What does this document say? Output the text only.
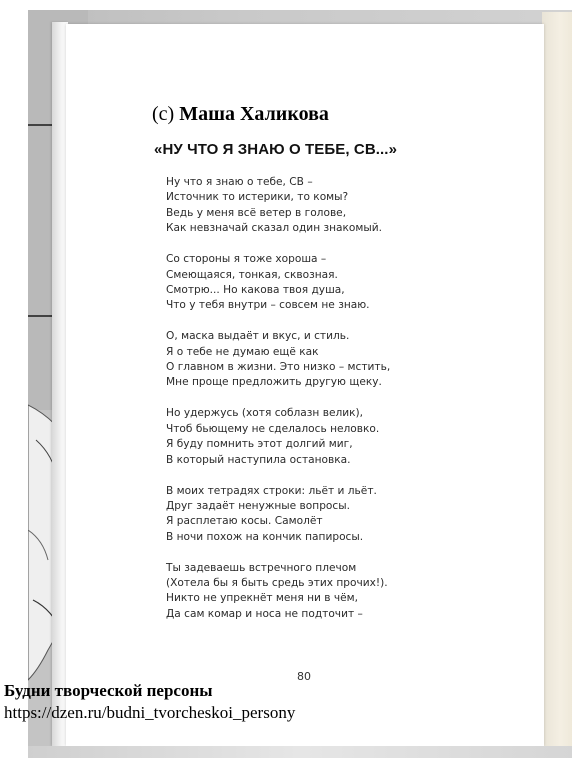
(с) Маша Халикова
«НУ ЧТО Я ЗНАЮ О ТЕБЕ, СВ...»
Ну что я знаю о тебе, СВ –
Источник то истерики, то комы?
Ведь у меня всё ветер в голове,
Как невзначай сказал один знакомый.
Со стороны я тоже хороша –
Смеющаяся, тонкая, сквозная.
Смотрю... Но какова твоя душа,
Что у тебя внутри – совсем не знаю.
О, маска выдаёт и вкус, и стиль.
Я о тебе не думаю ещё как
О главном в жизни. Это низко – мстить,
Мне проще предложить другую щеку.
Но удержусь (хотя соблазн велик),
Чтоб бьющему не сделалось неловко.
Я буду помнить этот долгий миг,
В который наступила остановка.
В моих тетрадях строки: льёт и льёт.
Друг задаёт ненужные вопросы.
Я расплетаю косы. Самолёт
В ночи похож на кончик папиросы.
Ты задеваешь встречного плечом
(Хотела бы я быть средь этих прочих!).
Никто не упрекнёт меня ни в чём,
Да сам комар и носа не подточит –
80
Будни творческой персоны
https://dzen.ru/budni_tvorcheskoi_persony
